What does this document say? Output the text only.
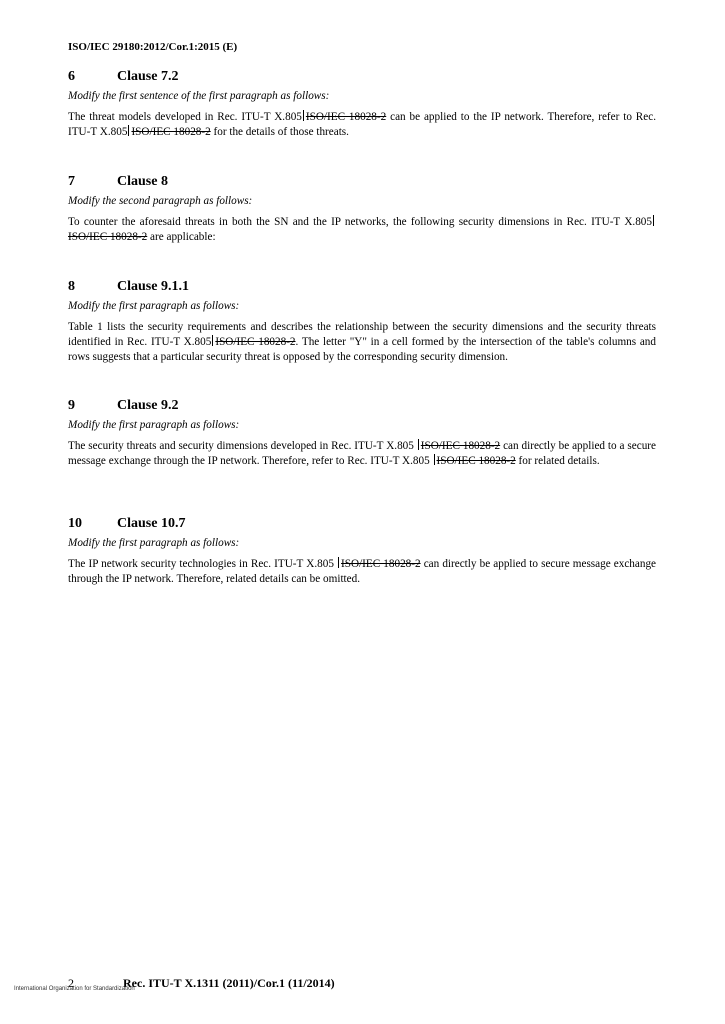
ISO/IEC 29180:2012/Cor.1:2015 (E)

6	Clause 7.2

Modify the first sentence of the first paragraph as follows:

The threat models developed in Rec. ITU-T X.805 ISO/IEC 18028-2 can be applied to the IP network. Therefore, refer to Rec. ITU-T X.805 ISO/IEC 18028-2 for the details of those threats.

7	Clause 8

Modify the second paragraph as follows:

To counter the aforesaid threats in both the SN and the IP networks, the following security dimensions in Rec. ITU-T X.805ISO/IEC 18028-2 are applicable:

8	Clause 9.1.1

Modify the first paragraph as follows:

Table 1 lists the security requirements and describes the relationship between the security dimensions and the security threats identified in Rec. ITU-T X.805 ISO/IEC 18028-2. The letter "Y" in a cell formed by the intersection of the table's columns and rows suggests that a particular security threat is opposed by the corresponding security dimension.

9	Clause 9.2

Modify the first paragraph as follows:

The security threats and security dimensions developed in Rec. ITU-T X.805 ISO/IEC 18028-2 can directly be applied to a secure message exchange through the IP network. Therefore, refer to Rec. ITU-T X.805 ISO/IEC 18028-2 for related details.

10	Clause 10.7

Modify the first paragraph as follows:

The IP network security technologies in Rec. ITU-T X.805 ISO/IEC 18028-2 can directly be applied to secure message exchange through the IP network. Therefore, related details can be omitted.

2	Rec. ITU-T X.1311 (2011)/Cor.1 (11/2014)
International Organization for Standardization
